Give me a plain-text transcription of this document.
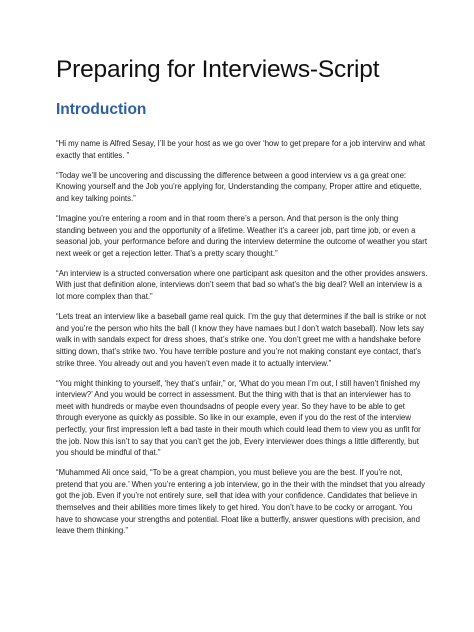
Preparing for Interviews-Script
Introduction

“Hi my name is Alfred Sesay, I’ll be your host as we go over ‘how to get prepare for a job intervirw and what exactly that entitles. ”

“Today we’ll be uncovering and discussing the difference between a good interview vs a ga great one: Knowing yourself and the Job you’re applying for, Understanding the company, Proper attire and etiquette, and key talking points.”

“Imagine you’re entering a room and in that room there’s a person. And that person is the only thing standing between you and the opportunity of a lifetime. Weather it’s a career job, part time job, or even a seasonal job, your performance before and during the interview determine the outcome of weather you start next week or get a rejection letter. That’s a pretty scary thought.”

“An interview is a structed conversation where one participant ask quesiton and the other provides answers. With just that definition alone, interviews don’t seem that bad so what’s the big deal? Well an interview is a lot more complex than that.”

“Lets treat an interview like a baseball game real quick. I’m the guy that determines if the ball is strike or not and you’re the person who hits the ball (I know they have namaes but I don’t watch baseball). Now lets say walk in with sandals expect for dress shoes, that’s strike one. You don’t greet me with a handshake before sitting down, that’s strike two. You have terrible posture and you’re not making constant eye contact, that’s strike three. You already out and you haven’t even made it to actually interview.”

“You might thinking to yourself, ‘hey that’s unfair,” or, ‘What do you mean I’m out, I still haven’t finished my interview?’ And you would be correct in assessment. But the thing with that is that an interviewer has to meet with hundreds or maybe even thoundsadns of people every year. So they have to be able to get through everyone as quickly as possible. So like in our example, even if you do the rest of the interview perfectly, your first impression left a bad taste in their mouth which could lead them to view you as unfit for the job. Now this isn’t to say that you can’t get the job, Every interviewer does things a little differently, but you should be mindful of that.”

“Muhammed Ali once said, “To be a great champion, you must believe you are the best. If you’re not, pretend that you are.’ When you’re entering a job interview, go in the their with the mindset that you already got the job. Even if you’re not entirely sure, sell that idea with your confidence. Candidates that believe in themselves and their abilities more times likely to get hired. You don’t have to be cocky or arrogant. You have to showcase your strengths and potential. Float like a butterfly, answer questions with precision, and leave them thinking.”
